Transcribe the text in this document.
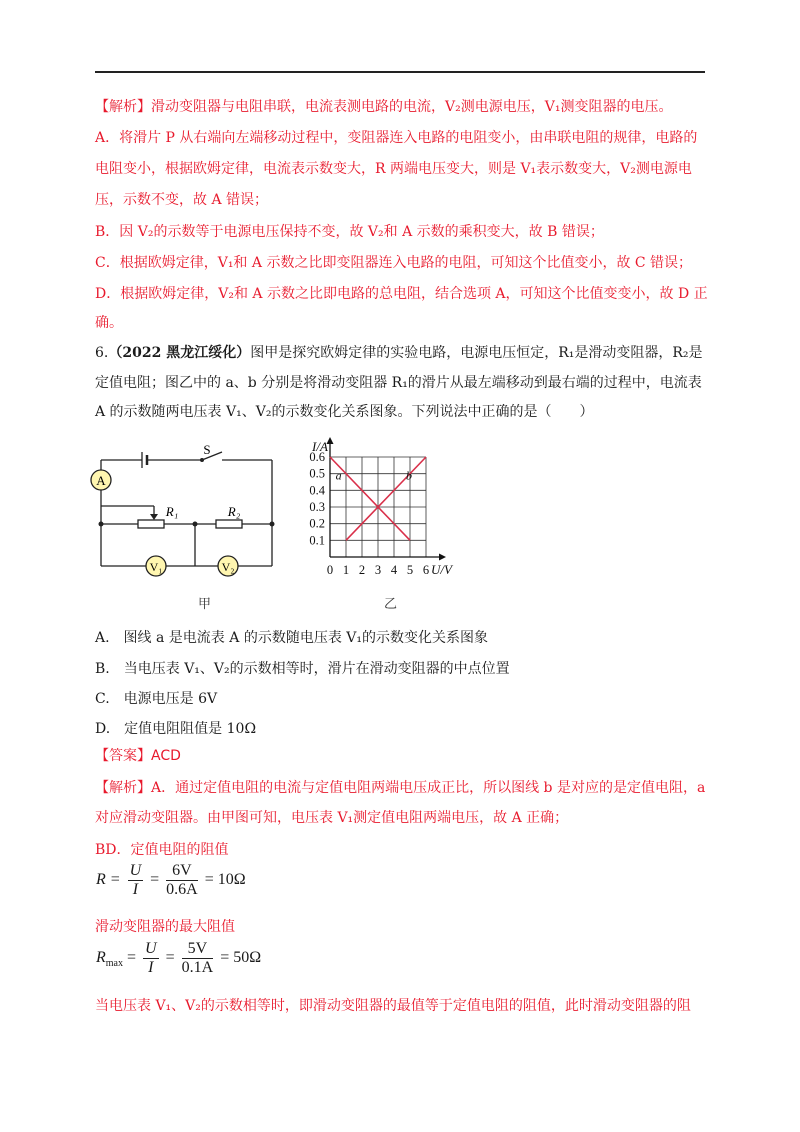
【解析】滑动变阻器与电阻串联，电流表测电路的电流，V₂测电源电压，V₁测变阻器的电压。
A．将滑片 P 从右端向左端移动过程中，变阻器连入电路的电阻变小，由串联电阻的规律，电路的
电阻变小，根据欧姆定律，电流表示数变大，R 两端电压变大，则是 V₁表示数变大，V₂测电源电
压，示数不变，故 A 错误；
B．因 V₂的示数等于电源电压保持不变，故 V₂和 A 示数的乘积变大，故 B 错误；
C．根据欧姆定律，V₁和 A 示数之比即变阻器连入电路的电阻，可知这个比值变小，故 C 错误；
D．根据欧姆定律，V₂和 A 示数之比即电路的总电阻，结合选项 A，可知这个比值变变小，故 D 正
确。
6.（2022 黑龙江绥化）图甲是探究欧姆定律的实验电路，电源电压恒定，R₁是滑动变阻器，R₂是
定值电阻；图乙中的 a、b 分别是将滑动变阻器 R₁的滑片从最左端移动到最右端的过程中，电流表
A 的示数随两电压表 V₁、V₂的示数变化关系图象。下列说法中正确的是（　　）
A
S
R₁	R₂
V₁	V₂
甲
0.6
0.5
0.4
0.3
0.2
0.1
0 1 2 3 4 5 6
I/A
U/V
a	b
乙
A.　图线 a 是电流表 A 的示数随电压表 V₁的示数变化关系图象
B.　当电压表 V₁、V₂的示数相等时，滑片在滑动变阻器的中点位置
C.　电源电压是 6V
D.　定值电阻阻值是 10Ω
【答案】ACD
【解析】A．通过定值电阻的电流与定值电阻两端电压成正比，所以图线 b 是对应的是定值电阻，a
对应滑动变阻器。由甲图可知，电压表 V₁测定值电阻两端电压，故 A 正确；
BD．定值电阻的阻值
$R = \frac{U}{I} = \frac{6V}{0.6A} = 10\Omega$
滑动变阻器的最大阻值
$R_{max} = \frac{U}{I} = \frac{5V}{0.1A} = 50\Omega$
当电压表 V₁、V₂的示数相等时，即滑动变阻器的最值等于定值电阻的阻值，此时滑动变阻器的阻
